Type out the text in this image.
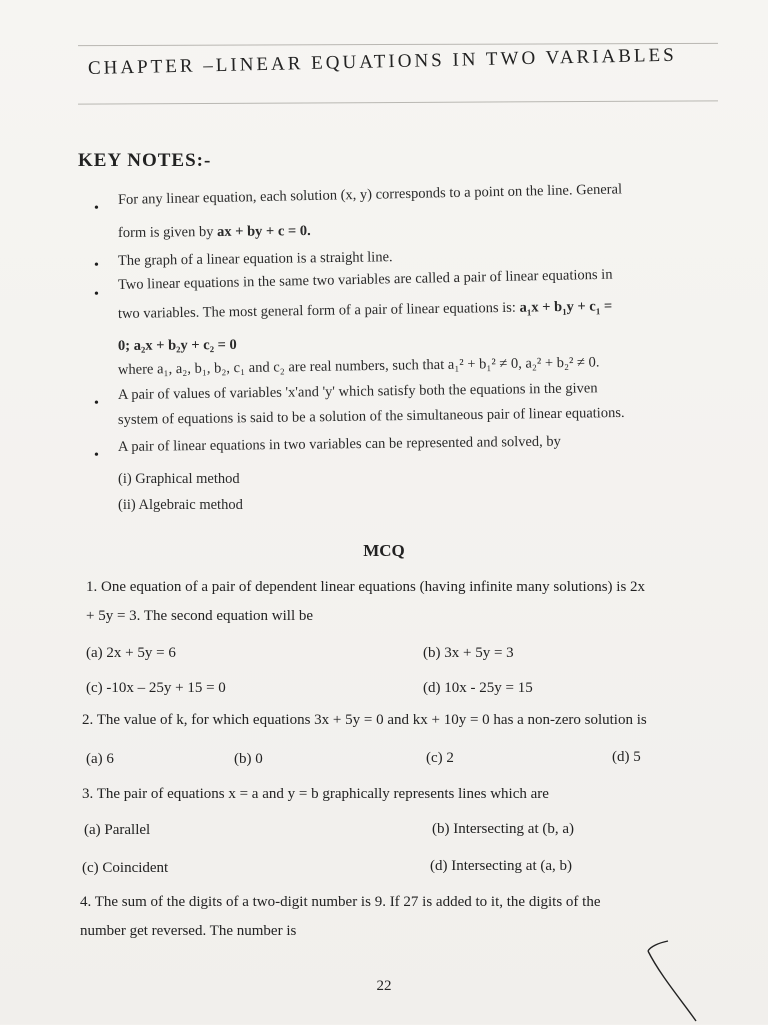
CHAPTER –LINEAR EQUATIONS IN TWO VARIABLES
KEY NOTES:-
•
For any linear equation, each solution (x, y) corresponds to a point on the line. General
form is given by ax + by + c = 0.
• The graph of a linear equation is a straight line.
•
Two linear equations in the same two variables are called a pair of linear equations in
two variables. The most general form of a pair of linear equations is: $a_1x + b_1y + c_1$ =
0; a₂x + b₂y + c₂ = 0
where a₁, a₂, b₁, b₂, c₁ and c₂ are real numbers, such that a₁² + b₁² ≠ 0, a₂² + b₂² ≠ 0.
•
A pair of values of variables 'x'and 'y' which satisfy both the equations in the given
system of equations is said to be a solution of the simultaneous pair of linear equations.
•
A pair of linear equations in two variables can be represented and solved, by
(i) Graphical method
(ii) Algebraic method
MCQ
1. One equation of a pair of dependent linear equations (having infinite many solutions) is 2x
+ 5y = 3. The second equation will be
(a) 2x + 5y = 6	(b) 3x + 5y = 3
(c) -10x – 25y + 15 = 0	(d) 10x - 25y = 15
2. The value of k, for which equations 3x + 5y = 0 and kx + 10y = 0 has a non-zero solution is
(a) 6	(b) 0	(c) 2	(d) 5
3. The pair of equations x = a and y = b graphically represents lines which are
(a) Parallel	(b) Intersecting at (b, a)
(c) Coincident	(d) Intersecting at (a, b)
4. The sum of the digits of a two-digit number is 9. If 27 is added to it, the digits of the
number get reversed. The number is
22
